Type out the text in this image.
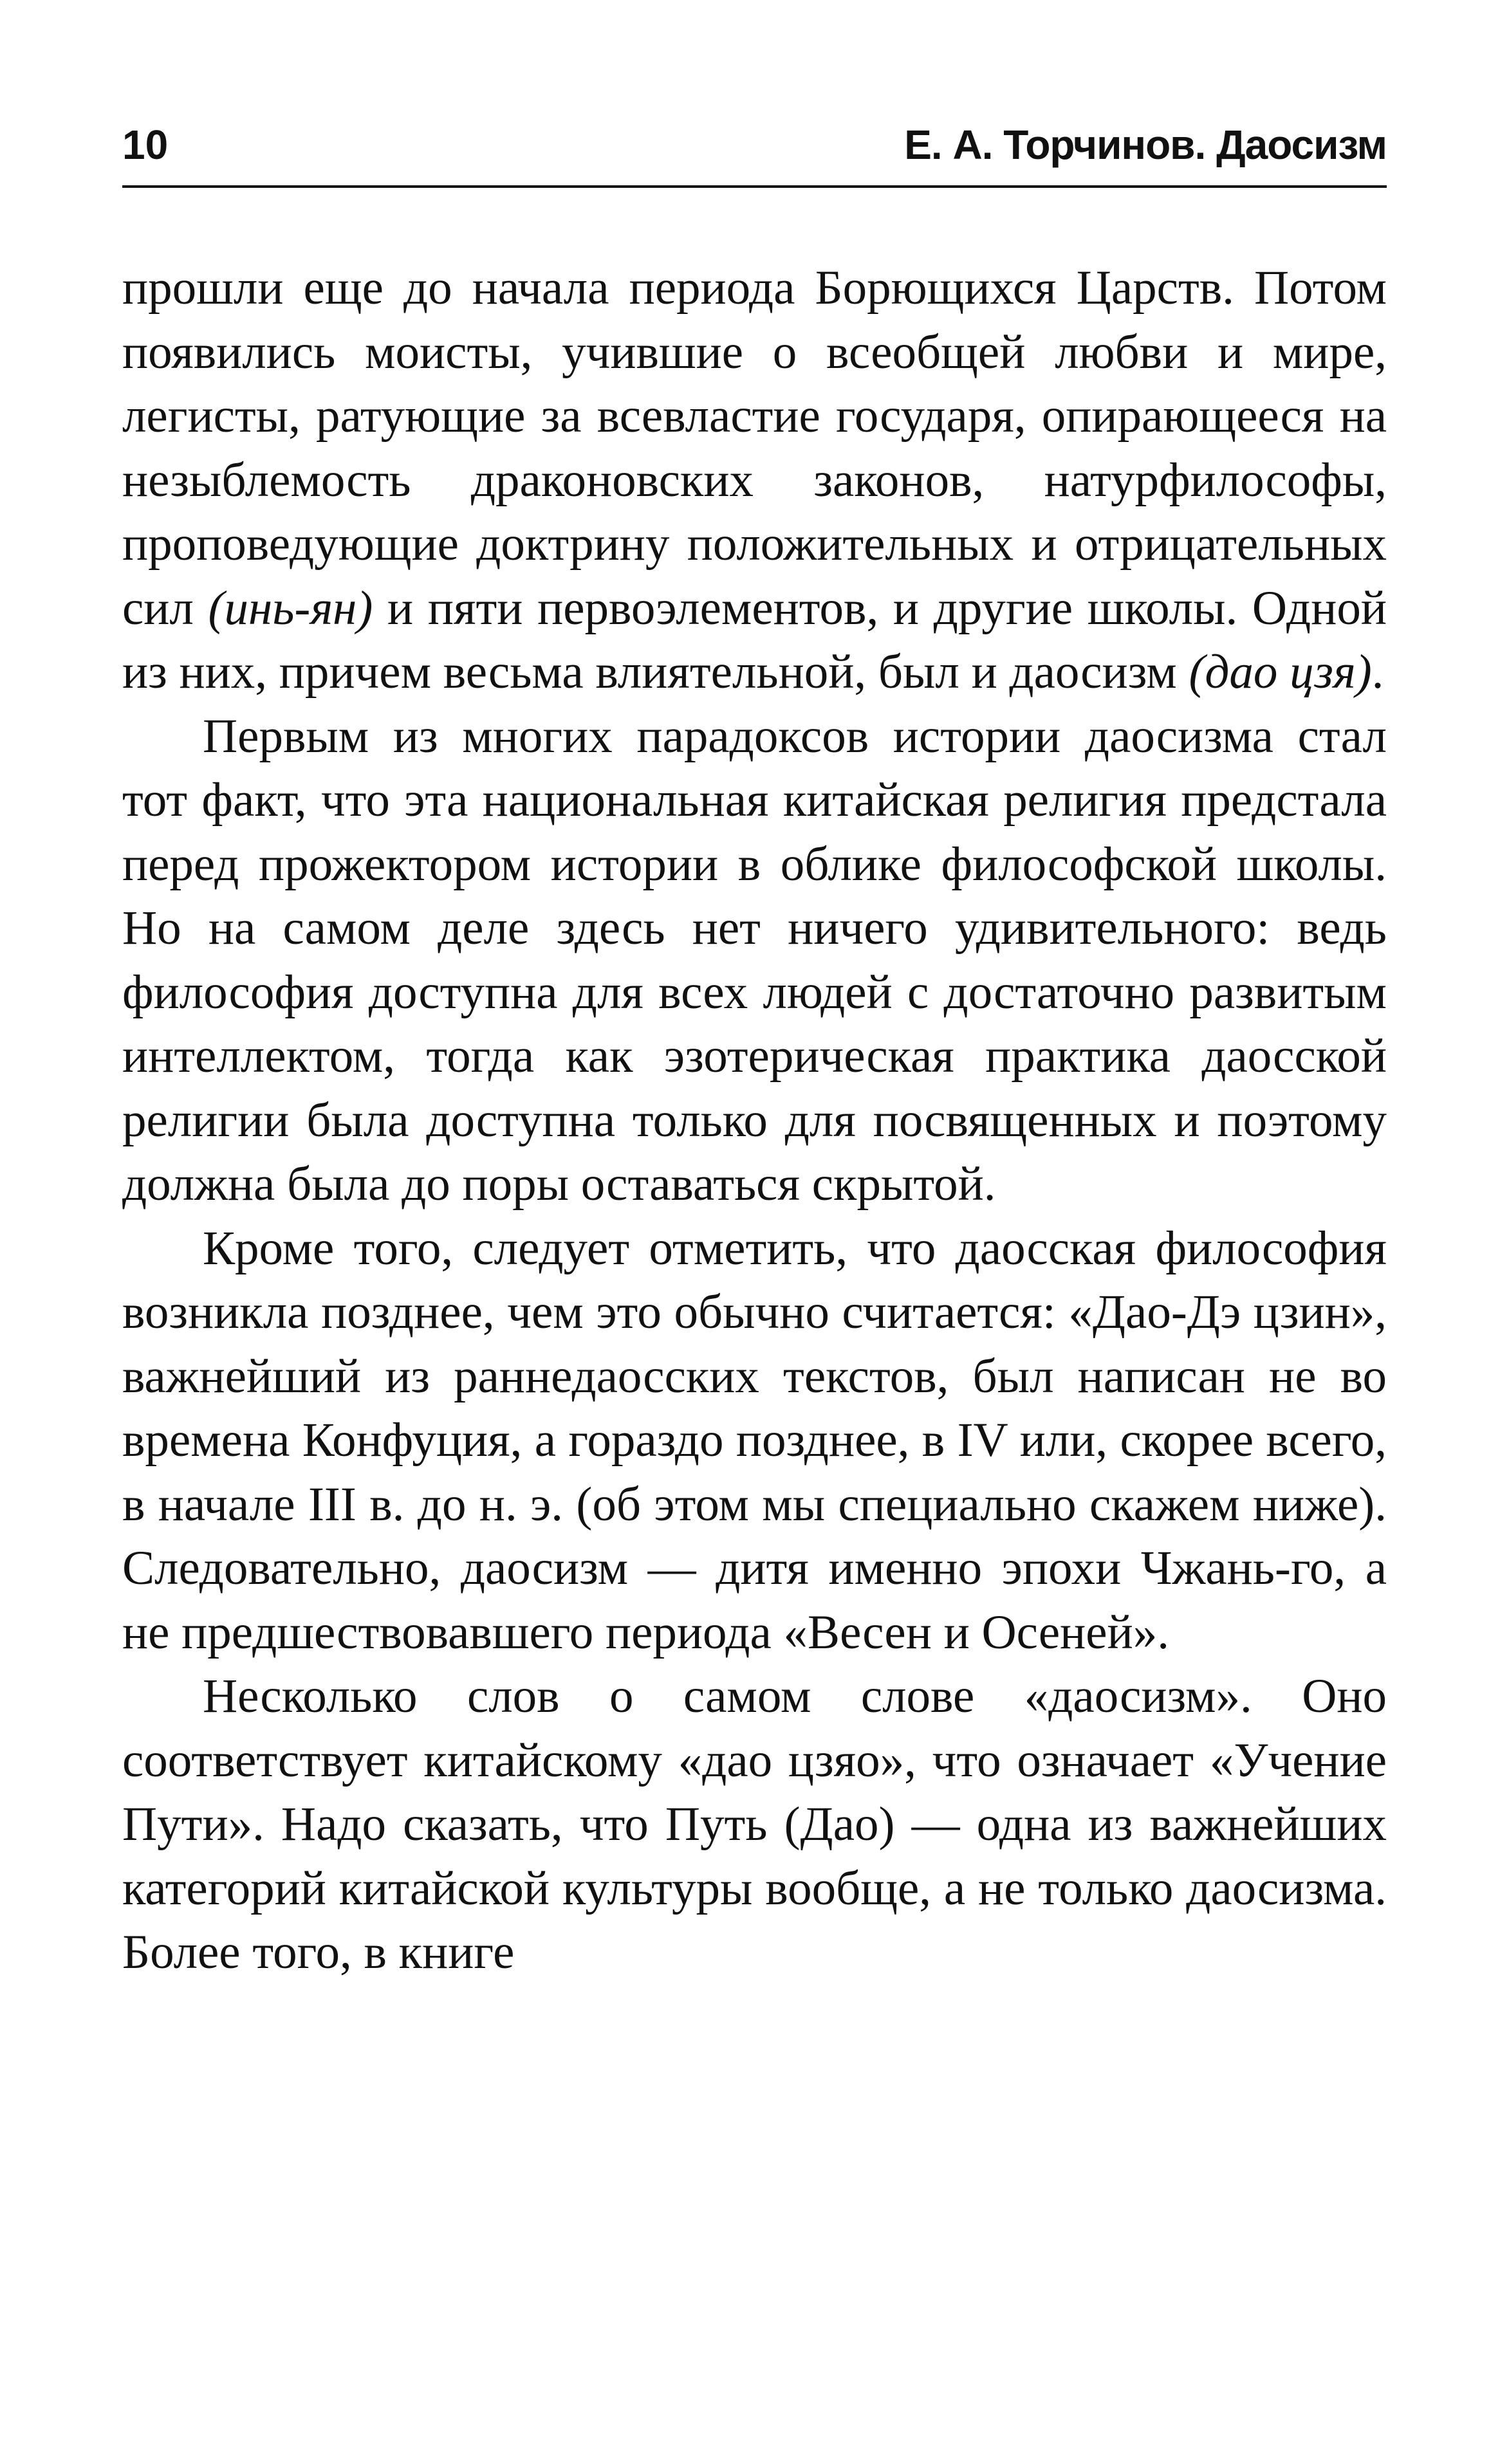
10	Е. А. Торчинов. Даосизм

прошли еще до начала периода Борющихся Царств. Потом появились моисты, учившие о всеобщей любви и мире, легисты, ратующие за всевластие государя, опирающееся на незыблемость драконовских законов, натурфилософы, проповедующие доктрину положительных и отрицательных сил (инь-ян) и пяти первоэлементов, и другие школы. Одной из них, причем весьма влиятельной, был и даосизм (дао цзя).

Первым из многих парадоксов истории даосизма стал тот факт, что эта национальная китайская религия предстала перед прожектором истории в облике философской школы. Но на самом деле здесь нет ничего удивительного: ведь философия доступна для всех людей с достаточно развитым интеллектом, тогда как эзотерическая практика даосской религии была доступна только для посвященных и поэтому должна была до поры оставаться скрытой.

Кроме того, следует отметить, что даосская философия возникла позднее, чем это обычно считается: «Дао-Дэ цзин», важнейший из раннедаосских текстов, был написан не во времена Конфуция, а гораздо позднее, в IV или, скорее всего, в начале III в. до н. э. (об этом мы специально скажем ниже). Следовательно, даосизм — дитя именно эпохи Чжань-го, а не предшествовавшего периода «Весен и Осеней».

Несколько слов о самом слове «даосизм». Оно соответствует китайскому «дао цзяо», что означает «Учение Пути». Надо сказать, что Путь (Дао) — одна из важнейших категорий китайской культуры вообще, а не только даосизма. Более того, в книге
